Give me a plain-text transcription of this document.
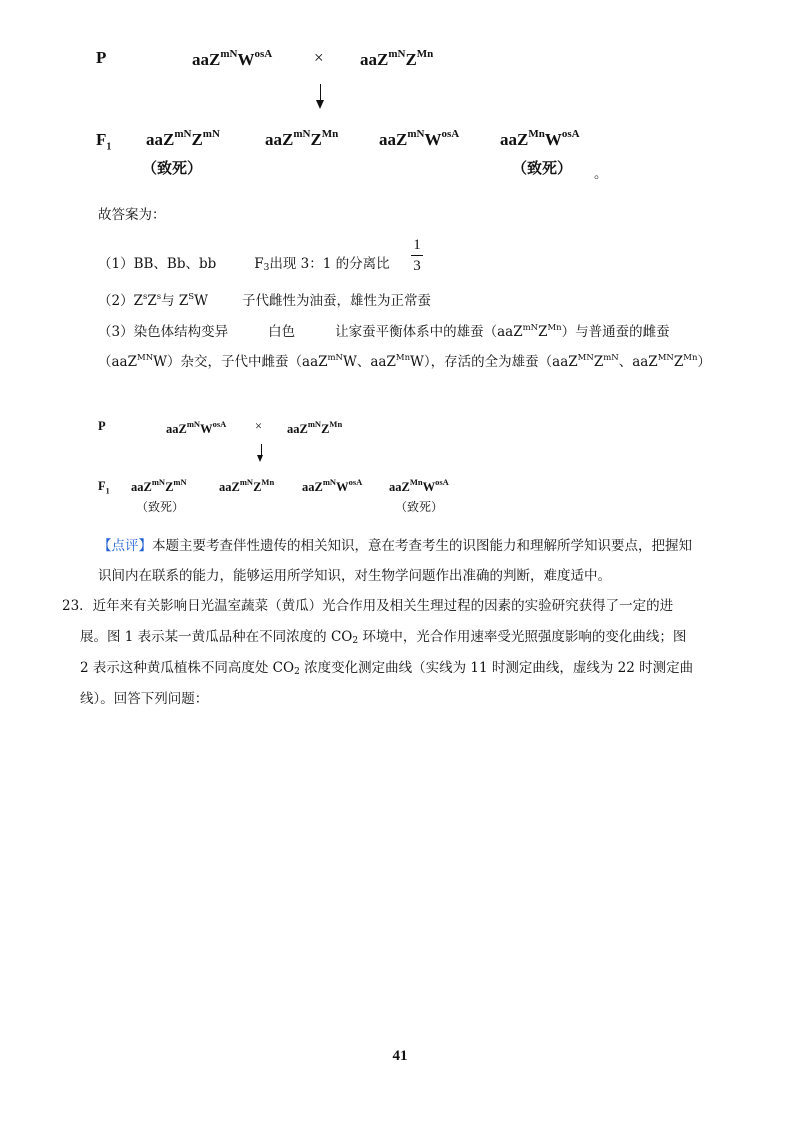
P	$aaZ^{mN}W^{osA} \times aaZ^{mN}Z^{Mn}$
$F_1$ $aaZ^{mN}Z^{mN}$	$aaZ^{mN}Z^{Mn}$ $aaZ^{mN}W^{osA}$ $aaZ^{Mn}W^{osA}$
（致死）	（致死） 。
故答案为：
（1）BB、Bb、bb	$F_3$出现 3：1 的分离比 $\frac{1}{3}$
$(2)Z^sZ^s$与 $Z^SW$	子代雌性为油蚕，雄性为正常蚕
（3）染色体结构变异	白色	让家蚕平衡体系中的雄蚕$(aaZ^{mN}Z^{Mn})$与普通蚕的雌蚕
（aaZ$^{MN}$W）杂交，子代中雌蚕（aaZ$^{mN}$W、aaZ$^{Mn}$W），存活的全为雄蚕（$aaZ^{MN}Z^{mN}$、$aaZ^{MN}Z^{Mn}$）
P	$aaZ^{mN}W^{osA} \times aaZ^{mN}Z^{Mn}$
$F_1$ $aaZ^{mN}Z^{mN}$	$aaZ^{mN}Z^{Mn}$ $aaZ^{mN}W^{osA}$ $aaZ^{Mn}W^{osA}$
（致死）	（致死）
【点评】本题主要考查伴性遗传的相关知识，意在考查考生的识图能力和理解所学知识要点，把握知
识间内在联系的能力，能够运用所学知识，对生物学问题作出准确的判断，难度适中。
23．近年来有关影响日光温室蔬菜（黄瓜）光合作用及相关生理过程的因素的实验研究获得了一定的进
展。图 1 表示某一黄瓜品种在不同浓度的 $CO_2$ 环境中，光合作用速率受光照强度影响的变化曲线；图
2 表示这种黄瓜植株不同高度处 $CO_2$ 浓度变化测定曲线（实线为 11 时测定曲线，虚线为 22 时测定曲
线）。回答下列问题：
41
